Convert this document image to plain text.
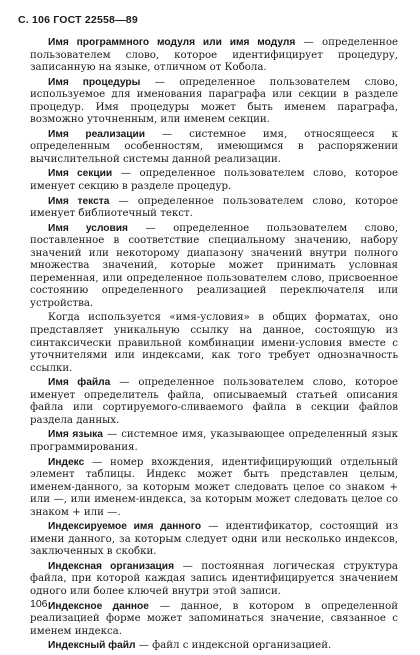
С. 106 ГОСТ 22558—89

Имя программного модуля или имя модуля — определенное пользователем слово, которое идентифицирует процедуру, записанную на языке, отличном от Кобола.

Имя процедуры — определенное пользователем слово, используемое для именования параграфа или секции в разделе процедур. Имя процедуры может быть именем параграфа, возможно уточненным, или именем секции.

Имя реализации — системное имя, относящееся к определенным особенностям, имеющимся в распоряжении вычислительной системы данной реализации.

Имя секции — определенное пользователем слово, которое именует секцию в разделе процедур.

Имя текста — определенное пользователем слово, которое именует библиотечный текст.

Имя условия — определенное пользователем слово, поставленное в соответствие специальному значению, набору значений или некоторому диапазону значений внутри полного множества значений, которые может принимать условная переменная, или определенное пользователем слово, присвоенное состоянию определенного реализацией переключателя или устройства.

Когда используется «имя-условия» в общих форматах, оно представляет уникальную ссылку на данное, состоящую из синтаксически правильной комбинации имени-условия вместе с уточнителями или индексами, как того требует однозначность ссылки.

Имя файла — определенное пользователем слово, которое именует определитель файла, описываемый статьей описания файла или сортируемого-сливаемого файла в секции файлов раздела данных.

Имя языка — системное имя, указывающее определенный язык программирования.

Индекс — номер вхождения, идентифицирующий отдельный элемент таблицы. Индекс может быть представлен целым, именем-данного, за которым может следовать целое со знаком + или —, или именем-индекса, за которым может следовать целое со знаком + или —.

Индексируемое имя данного — идентификатор, состоящий из имени данного, за которым следует одни или несколько индексов, заключенных в скобки.

Индексная организация — постоянная логическая структура файла, при которой каждая запись идентифицируется значением одного или более ключей внутри этой записи.

Индексное данное — данное, в котором в определенной реализацией форме может запоминаться значение, связанное с именем индекса.

Индексный файл — файл с индексной организацией.

106
